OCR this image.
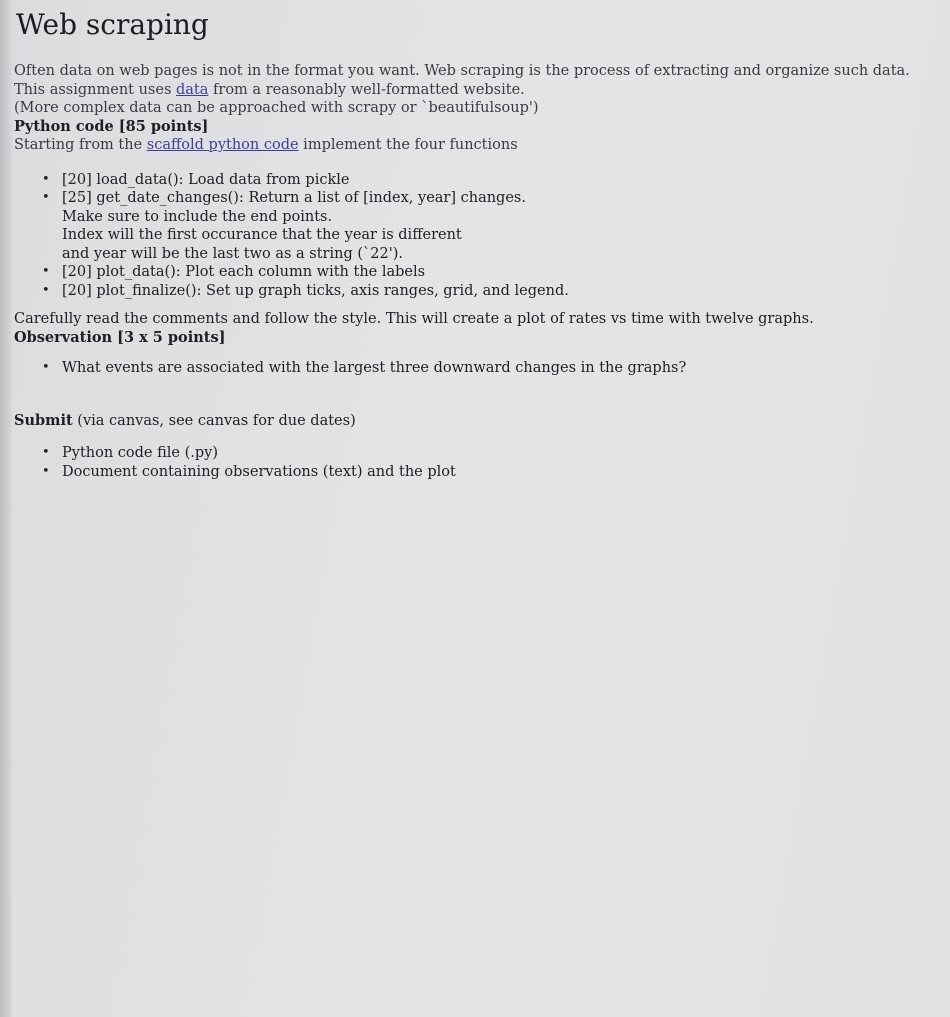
Web scraping
Often data on web pages is not in the format you want. Web scraping is the process of extracting and organize such data.
This assignment uses data from a reasonably well-formatted website.
(More complex data can be approached with scrapy or `beautifulsoup')
Python code [85 points]
Starting from the scaffold python code implement the four functions
• [20] load_data(): Load data from pickle
• [25] get_date_changes(): Return a list of [index, year] changes.
Make sure to include the end points.
Index will the first occurance that the year is different
and year will be the last two as a string (`22').
• [20] plot_data(): Plot each column with the labels
• [20] plot_finalize(): Set up graph ticks, axis ranges, grid, and legend.
Carefully read the comments and follow the style. This will create a plot of rates vs time with twelve graphs.
Observation [3 x 5 points]
• What events are associated with the largest three downward changes in the graphs?
Submit (via canvas, see canvas for due dates)
• Python code file (.py)
• Document containing observations (text) and the plot
